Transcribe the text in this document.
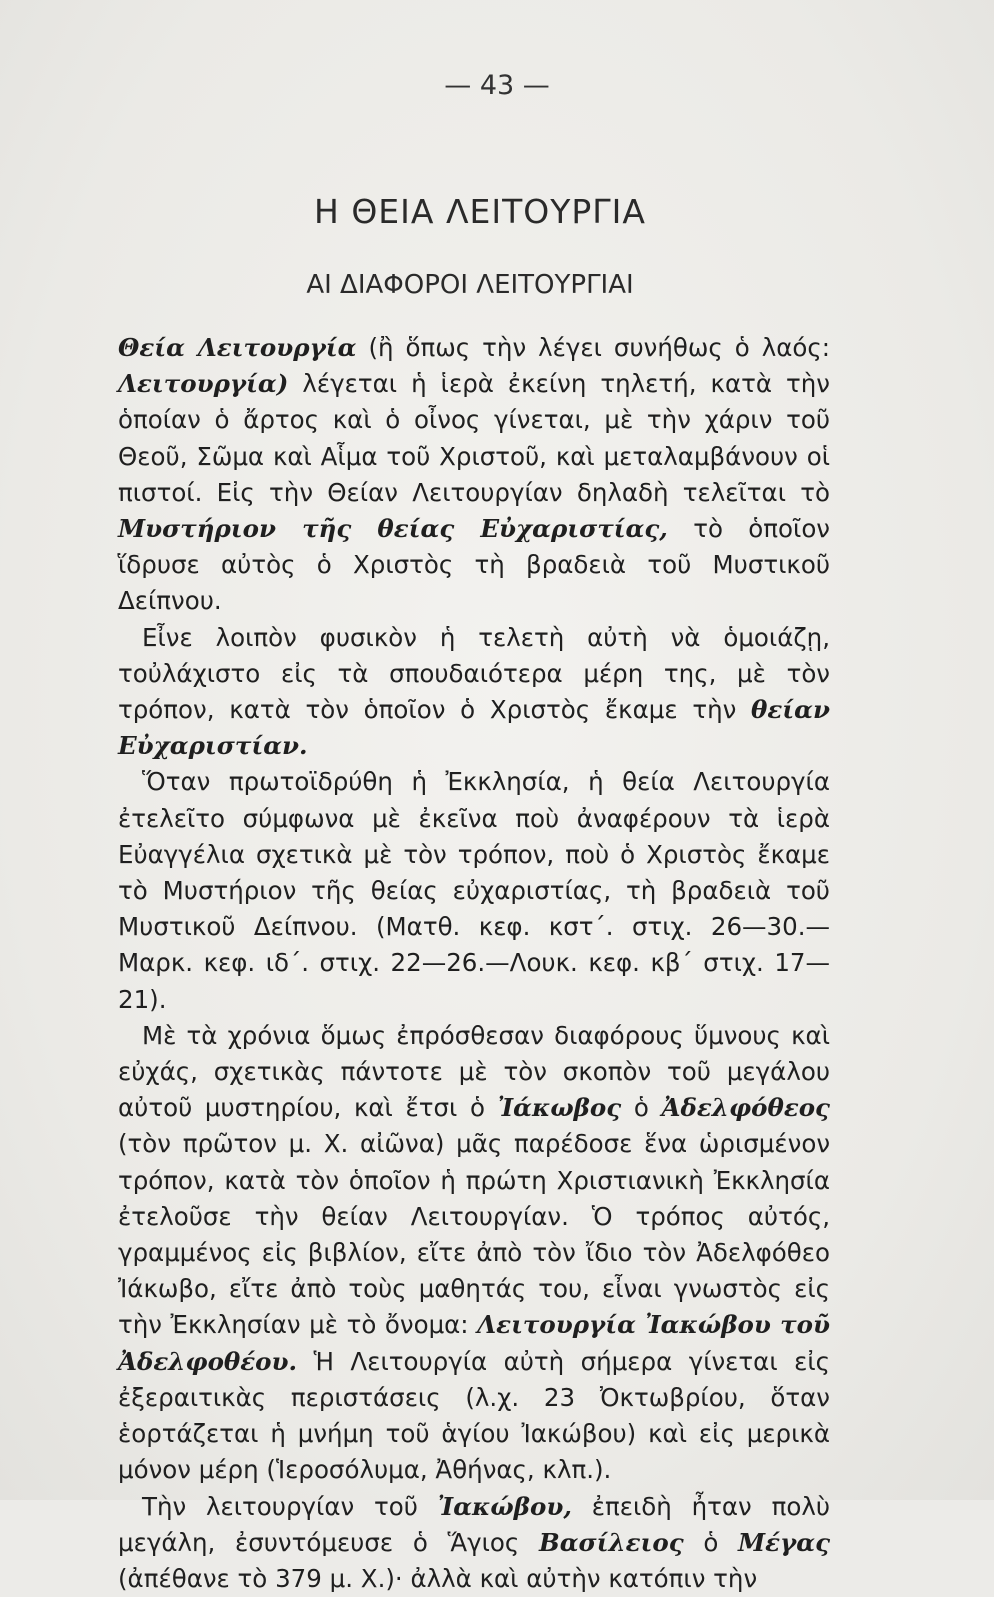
— 43 —
Η ΘΕΙΑ ΛΕΙΤΟΥΡΓΙΑ
ΑΙ ΔΙΑΦΟΡΟΙ ΛΕΙΤΟΥΡΓΙΑΙ

Θεία Λειτουργία (ἢ ὅπως τὴν λέγει συνήθως ὁ λαός: Λειτουργία) λέγεται ἡ ἱερὰ ἐκείνη τηλετή, κατὰ τὴν ὁποίαν ὁ ἄρτος καὶ ὁ οἶνος γίνεται, μὲ τὴν χάριν τοῦ Θεοῦ, Σῶμα καὶ Αἷμα τοῦ Χριστοῦ, καὶ μεταλαμβάνουν οἱ πιστοί. Εἰς τὴν Θείαν Λειτουργίαν δηλαδὴ τελεῖται τὸ Μυστήριον τῆς θείας Εὐχαριστίας, τὸ ὁποῖον ἵδρυσε αὐτὸς ὁ Χριστὸς τὴ βραδειὰ τοῦ Μυστικοῦ Δείπνου.

Εἶνε λοιπὸν φυσικὸν ἡ τελετὴ αὐτὴ νὰ ὁμοιάζῃ, τοὐλάχιστο εἰς τὰ σπουδαιότερα μέρη της, μὲ τὸν τρόπον, κατὰ τὸν ὁποῖον ὁ Χριστὸς ἔκαμε τὴν θείαν Εὐχαριστίαν.

Ὅταν πρωτοϊδρύθη ἡ Ἐκκλησία, ἡ θεία Λειτουργία ἐτελεῖτο σύμφωνα μὲ ἐκεῖνα ποὺ ἀναφέρουν τὰ ἱερὰ Εὐαγγέλια σχετικὰ μὲ τὸν τρόπον, ποὺ ὁ Χριστὸς ἔκαμε τὸ Μυστήριον τῆς θείας εὐχαριστίας, τὴ βραδειὰ τοῦ Μυστικοῦ Δείπνου. (Ματθ. κεφ. κστ΄. στιχ. 26—30.—Μαρκ. κεφ. ιδ΄. στιχ. 22—26.—Λουκ. κεφ. κβ΄ στιχ. 17—21).

Μὲ τὰ χρόνια ὅμως ἐπρόσθεσαν διαφόρους ὕμνους καὶ εὐχάς, σχετικὰς πάντοτε μὲ τὸν σκοπὸν τοῦ μεγάλου αὐτοῦ μυστηρίου, καὶ ἔτσι ὁ Ἰάκωβος ὁ Ἀδελφόθεος (τὸν πρῶτον μ. Χ. αἰῶνα) μᾶς παρέδοσε ἕνα ὡρισμένον τρόπον, κατὰ τὸν ὁποῖον ἡ πρώτη Χριστιανικὴ Ἐκκλησία ἐτελοῦσε τὴν θείαν Λειτουργίαν. Ὁ τρόπος αὐτός, γραμμένος εἰς βιβλίον, εἴτε ἀπὸ τὸν ἴδιο τὸν Ἀδελφόθεο Ἰάκωβο, εἴτε ἀπὸ τοὺς μαθητάς του, εἶναι γνωστὸς εἰς τὴν Ἐκκλησίαν μὲ τὸ ὄνομα: Λειτουργία Ἰακώβου τοῦ Ἀδελφοθέου. Ἡ Λειτουργία αὐτὴ σήμερα γίνεται εἰς ἐξεραιτικὰς περιστάσεις (λ.χ. 23 Ὀκτωβρίου, ὅταν ἑορτάζεται ἡ μνήμη τοῦ ἁγίου Ἰακώβου) καὶ εἰς μερικὰ μόνον μέρη (Ἱεροσόλυμα, Ἀθήνας, κλπ.).

Τὴν λειτουργίαν τοῦ Ἰακώβου, ἐπειδὴ ἦταν πολὺ μεγάλη, ἐσυντόμευσε ὁ Ἅγιος Βασίλειος ὁ Μέγας (ἀπέθανε τὸ 379 μ. Χ.)· ἀλλὰ καὶ αὐτὴν κατόπιν τὴν
